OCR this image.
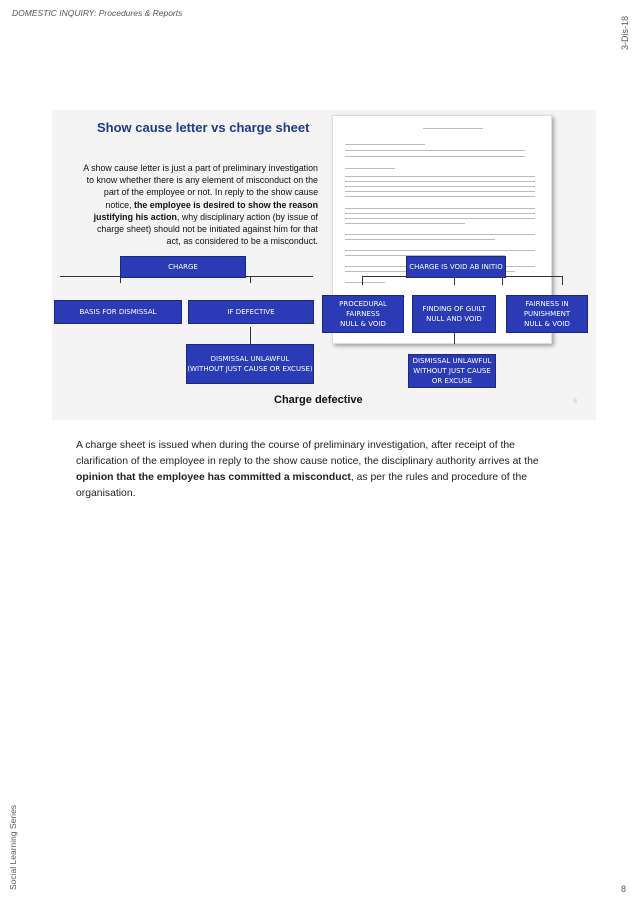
DOMESTIC INQUIRY: Procedures & Reports
3-Dis-18
Social Learning Series	8
Show cause letter vs charge sheet
A show cause letter is just a part of preliminary investigation to know whether there is any element of misconduct on the part of the employee or not. In reply to the show cause notice, the employee is desired to show the reason justifying his action, why disciplinary action (by issue of charge sheet) should not be initiated against him for that act, as considered to be a misconduct.
CHARGE
BASIS FOR DISMISSAL	IF DEFECTIVE
DISMISSAL UNLAWFUL
(WITHOUT JUST CAUSE OR EXCUSE)
CHARGE IS VOID AB INITIO
PROCEDURAL FAIRNESS
NULL & VOID
FINDING OF GUILT
NULL AND VOID
FAIRNESS IN PUNISHMENT
NULL & VOID
DISMISSAL UNLAWFUL
WITHOUT JUST CAUSE OR EXCUSE
Charge defective	S
A charge sheet is issued when during the course of preliminary investigation, after receipt of the clarification of the employee in reply to the show cause notice, the disciplinary authority arrives at the opinion that the employee has committed a misconduct, as per the rules and procedure of the organisation.
